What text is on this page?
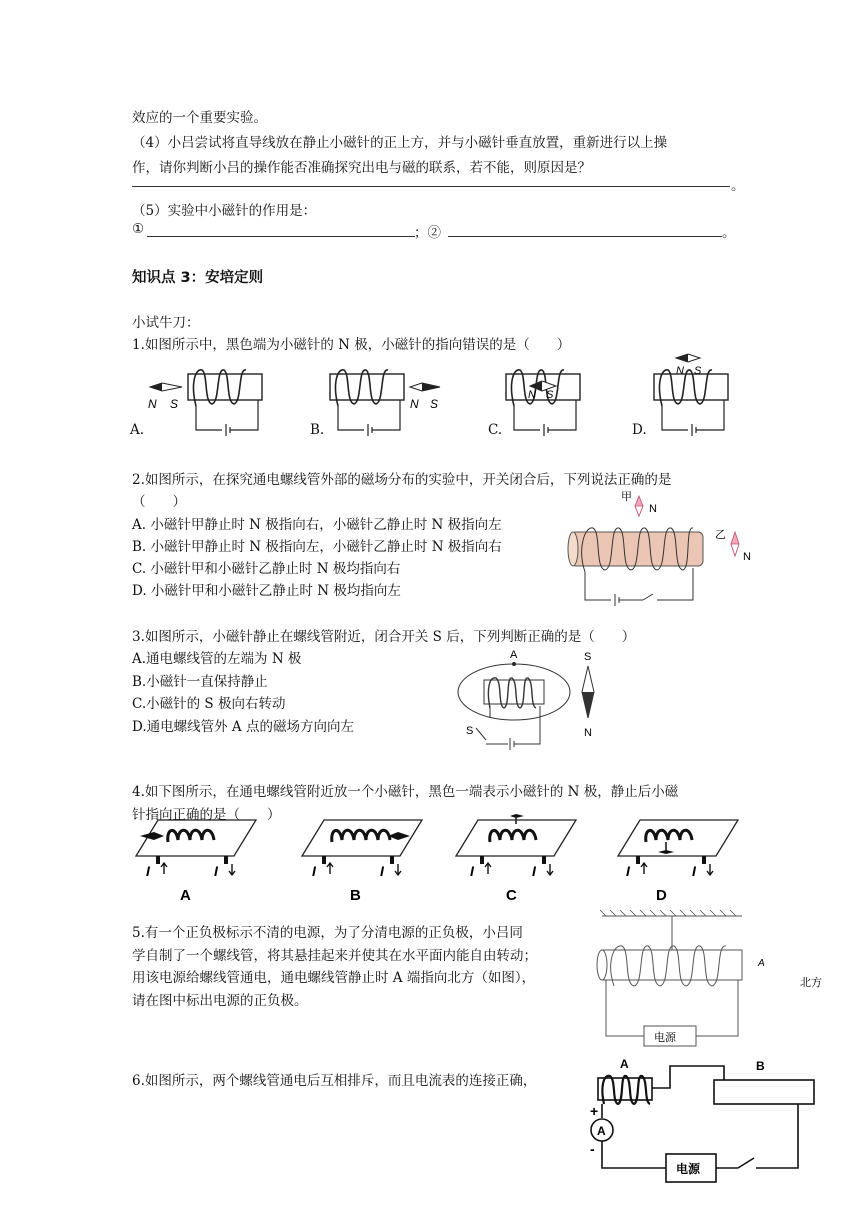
效应的一个重要实验。
（4）小吕尝试将直导线放在静止小磁针的正上方，并与小磁针垂直放置，重新进行以上操
作，请你判断小吕的操作能否准确探究出电与磁的联系，若不能，则原因是？
。
（5）实验中小磁针的作用是：
①	；②	。
知识点 3：安培定则
小试牛刀：
1.如图所示中，黑色端为小磁针的 N 极，小磁针的指向错误的是（　　）
N S
A.
N S
B.
N S
C.
N S
D.
2.如图所示，在探究通电螺线管外部的磁场分布的实验中，开关闭合后，下列说法正确的是
（　　）
A. 小磁针甲静止时 N 极指向右，小磁针乙静止时 N 极指向左
B. 小磁针甲静止时 N 极指向左，小磁针乙静止时 N 极指向右
C. 小磁针甲和小磁针乙静止时 N 极均指向右
D. 小磁针甲和小磁针乙静止时 N 极均指向左
甲
N
乙
N
3.如图所示，小磁针静止在螺线管附近，闭合开关 S 后，下列判断正确的是（　　）
A.通电螺线管的左端为 N 极
B.小磁针一直保持静止
C.小磁针的 S 极向右转动
D.通电螺线管外 A 点的磁场方向向左
A
S
S
N
4.如下图所示，在通电螺线管附近放一个小磁针，黑色一端表示小磁针的 N 极，静止后小磁
针指向正确的是（　　）
I	I
A
I	I
B
I	I
C
I	I
D
5.有一个正负极标示不清的电源，为了分清电源的正负极，小吕同
学自制了一个螺线管，将其悬挂起来并使其在水平面内能自由转动；
用该电源给螺线管通电，通电螺线管静止时 A 端指向北方（如图），
请在图中标出电源的正负极。
A
电源
北方
6.如图所示，两个螺线管通电后互相排斥，而且电流表的连接正确，
A	B
+
A
-
电源
